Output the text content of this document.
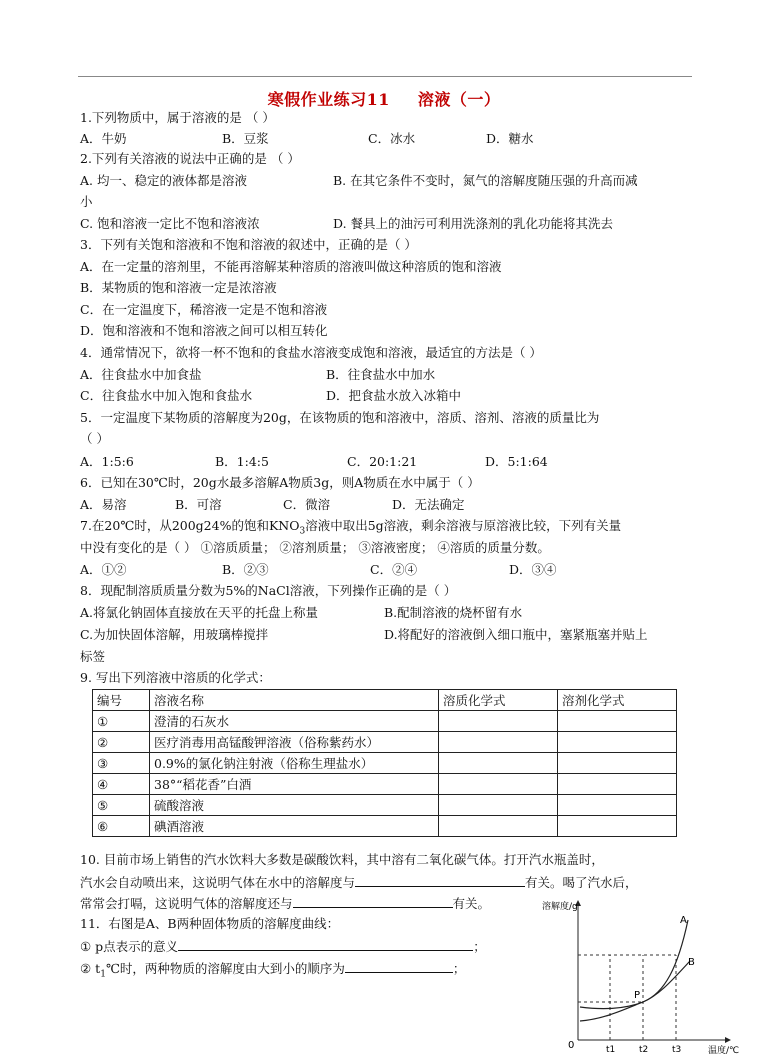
寒假作业练习11 溶液（一）
1.下列物质中，属于溶液的是 （ ）
A．牛奶	B．豆浆	C．冰水	D．糖水
2.下列有关溶液的说法中正确的是 （ ）
A. 均一、稳定的液体都是溶液	B. 在其它条件不变时，氮气的溶解度随压强的升高而减
小
C. 饱和溶液一定比不饱和溶液浓	D. 餐具上的油污可利用洗涤剂的乳化功能将其洗去
3．下列有关饱和溶液和不饱和溶液的叙述中，正确的是（ ）
A．在一定量的溶剂里，不能再溶解某种溶质的溶液叫做这种溶质的饱和溶液
B．某物质的饱和溶液一定是浓溶液
C．在一定温度下，稀溶液一定是不饱和溶液
D．饱和溶液和不饱和溶液之间可以相互转化
4．通常情况下，欲将一杯不饱和的食盐水溶液变成饱和溶液，最适宜的方法是（ ）
A．往食盐水中加食盐	B．往食盐水中加水
C．往食盐水中加入饱和食盐水	D．把食盐水放入冰箱中
5．一定温度下某物质的溶解度为20g，在该物质的饱和溶液中，溶质、溶剂、溶液的质量比为
（ ）
A．1:5:6	B．1:4:5	C．20:1:21	D．5:1:64
6．已知在30℃时，20g水最多溶解A物质3g，则A物质在水中属于（ ）
A．易溶	B．可溶	C．微溶	D．无法确定
7.在20℃时，从200g24%的饱和$KNO_3$溶液中取出5g溶液，剩余溶液与原溶液比较，下列有关量
中没有变化的是（ ） ①溶质质量； ②溶剂质量； ③溶液密度； ④溶质的质量分数。
A．①②	B．②③	C．②④	D．③④
8．现配制溶质质量分数为5%的NaCl溶液，下列操作正确的是（ ）
A.将氯化钠固体直接放在天平的托盘上称量	B.配制溶液的烧杯留有水
C.为加快固体溶解，用玻璃棒搅拌	D.将配好的溶液倒入细口瓶中，塞紧瓶塞并贴上
标签
9. 写出下列溶液中溶质的化学式：
编号	溶液名称	溶质化学式	溶剂化学式
①	澄清的石灰水		
②	医疗消毒用高锰酸钾溶液（俗称紫药水）		
③	0.9%的氯化钠注射液（俗称生理盐水）		
④	38°“稻花香”白酒		
⑤	硫酸溶液		
⑥	碘酒溶液		
10. 目前市场上销售的汽水饮料大多数是碳酸饮料，其中溶有二氧化碳气体。打开汽水瓶盖时，
汽水会自动喷出来，这说明气体在水中的溶解度与	有关。喝了汽水后，
常常会打嗝，这说明气体的溶解度还与	有关。
11．右图是A、B两种固体物质的溶解度曲线：
① p点表示的意义	；
② $t_1℃$时，两种物质的溶解度由大到小的顺序为	；
溶解度/g
温度/℃
0
A
B
P
t1	t2	t3
